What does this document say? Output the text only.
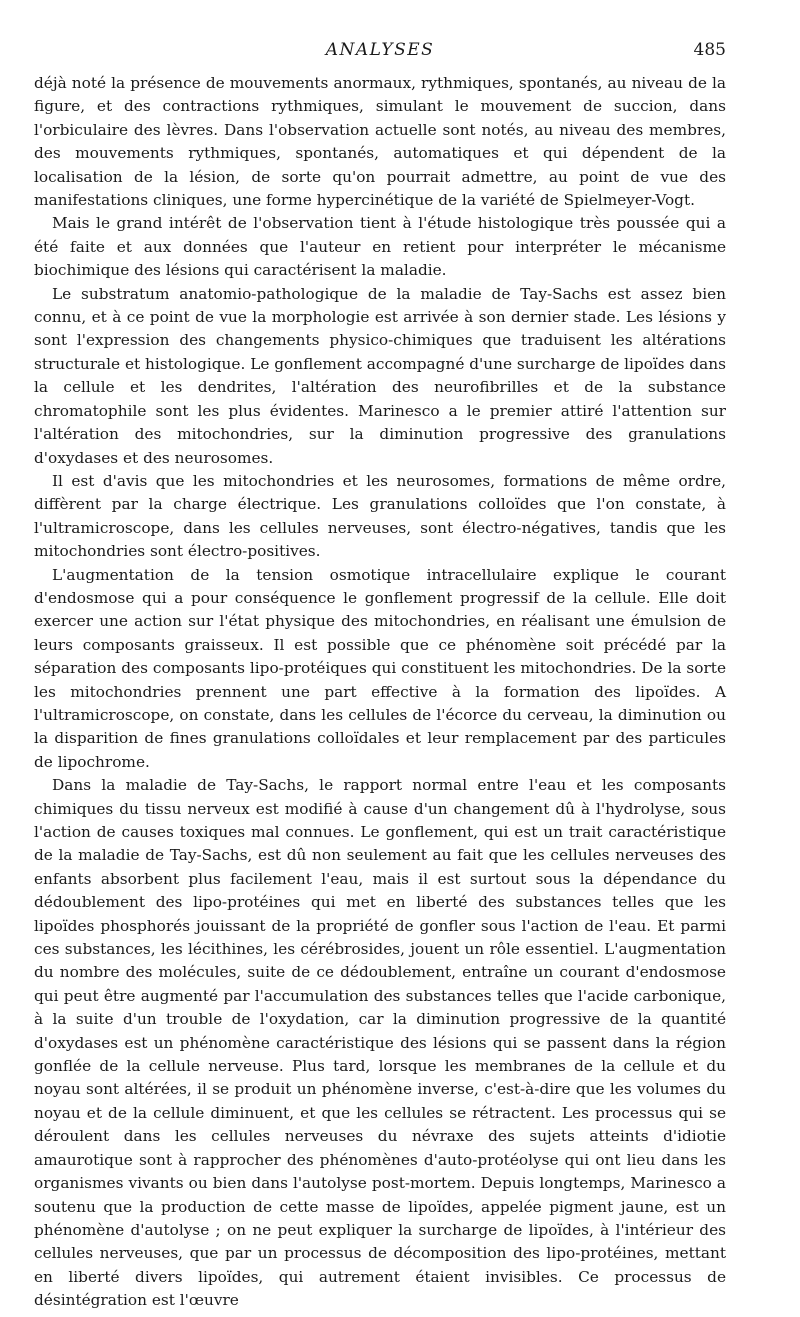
ANALYSES	485

déjà noté la présence de mouvements anormaux, rythmiques, spontanés, au niveau de la figure, et des contractions rythmiques, simulant le mouvement de succion, dans l'orbiculaire des lèvres. Dans l'observation actuelle sont notés, au niveau des membres, des mouvements rythmiques, spontanés, automatiques et qui dépendent de la localisation de la lésion, de sorte qu'on pourrait admettre, au point de vue des manifestations cliniques, une forme hypercinétique de la variété de Spielmeyer-Vogt.

Mais le grand intérêt de l'observation tient à l'étude histologique très poussée qui a été faite et aux données que l'auteur en retient pour interpréter le mécanisme biochimique des lésions qui caractérisent la maladie.

Le substratum anatomio-pathologique de la maladie de Tay-Sachs est assez bien connu, et à ce point de vue la morphologie est arrivée à son dernier stade. Les lésions y sont l'expression des changements physico-chimiques que traduisent les altérations structurale et histologique. Le gonflement accompagné d'une surcharge de lipoïdes dans la cellule et les dendrites, l'altération des neurofibrilles et de la substance chromatophile sont les plus évidentes. Marinesco a le premier attiré l'attention sur l'altération des mitochondries, sur la diminution progressive des granulations d'oxydases et des neurosomes.

Il est d'avis que les mitochondries et les neurosomes, formations de même ordre, diffèrent par la charge électrique. Les granulations colloïdes que l'on constate, à l'ultramicroscope, dans les cellules nerveuses, sont électro-négatives, tandis que les mitochondries sont électro-positives.

L'augmentation de la tension osmotique intracellulaire explique le courant d'endosmose qui a pour conséquence le gonflement progressif de la cellule. Elle doit exercer une action sur l'état physique des mitochondries, en réalisant une émulsion de leurs composants graisseux. Il est possible que ce phénomène soit précédé par la séparation des composants lipo-protéiques qui constituent les mitochondries. De la sorte les mitochondries prennent une part effective à la formation des lipoïdes. A l'ultramicroscope, on constate, dans les cellules de l'écorce du cerveau, la diminution ou la disparition de fines granulations colloïdales et leur remplacement par des particules de lipochrome.

Dans la maladie de Tay-Sachs, le rapport normal entre l'eau et les composants chimiques du tissu nerveux est modifié à cause d'un changement dû à l'hydrolyse, sous l'action de causes toxiques mal connues. Le gonflement, qui est un trait caractéristique de la maladie de Tay-Sachs, est dû non seulement au fait que les cellules nerveuses des enfants absorbent plus facilement l'eau, mais il est surtout sous la dépendance du dédoublement des lipo-protéines qui met en liberté des substances telles que les lipoïdes phosphorés jouissant de la propriété de gonfler sous l'action de l'eau. Et parmi ces substances, les lécithines, les cérébrosides, jouent un rôle essentiel. L'augmentation du nombre des molécules, suite de ce dédoublement, entraîne un courant d'endosmose qui peut être augmenté par l'accumulation des substances telles que l'acide carbonique, à la suite d'un trouble de l'oxydation, car la diminution progressive de la quantité d'oxydases est un phénomène caractéristique des lésions qui se passent dans la région gonflée de la cellule nerveuse. Plus tard, lorsque les membranes de la cellule et du noyau sont altérées, il se produit un phénomène inverse, c'est-à-dire que les volumes du noyau et de la cellule diminuent, et que les cellules se rétractent. Les processus qui se déroulent dans les cellules nerveuses du névraxe des sujets atteints d'idiotie amaurotique sont à rapprocher des phénomènes d'auto-protéolyse qui ont lieu dans les organismes vivants ou bien dans l'autolyse post-mortem. Depuis longtemps, Marinesco a soutenu que la production de cette masse de lipoïdes, appelée pigment jaune, est un phénomène d'autolyse ; on ne peut expliquer la surcharge de lipoïdes, à l'intérieur des cellules nerveuses, que par un processus de décomposition des lipo-protéines, mettant en liberté divers lipoïdes, qui autrement étaient invisibles. Ce processus de désintégration est l'œuvre
